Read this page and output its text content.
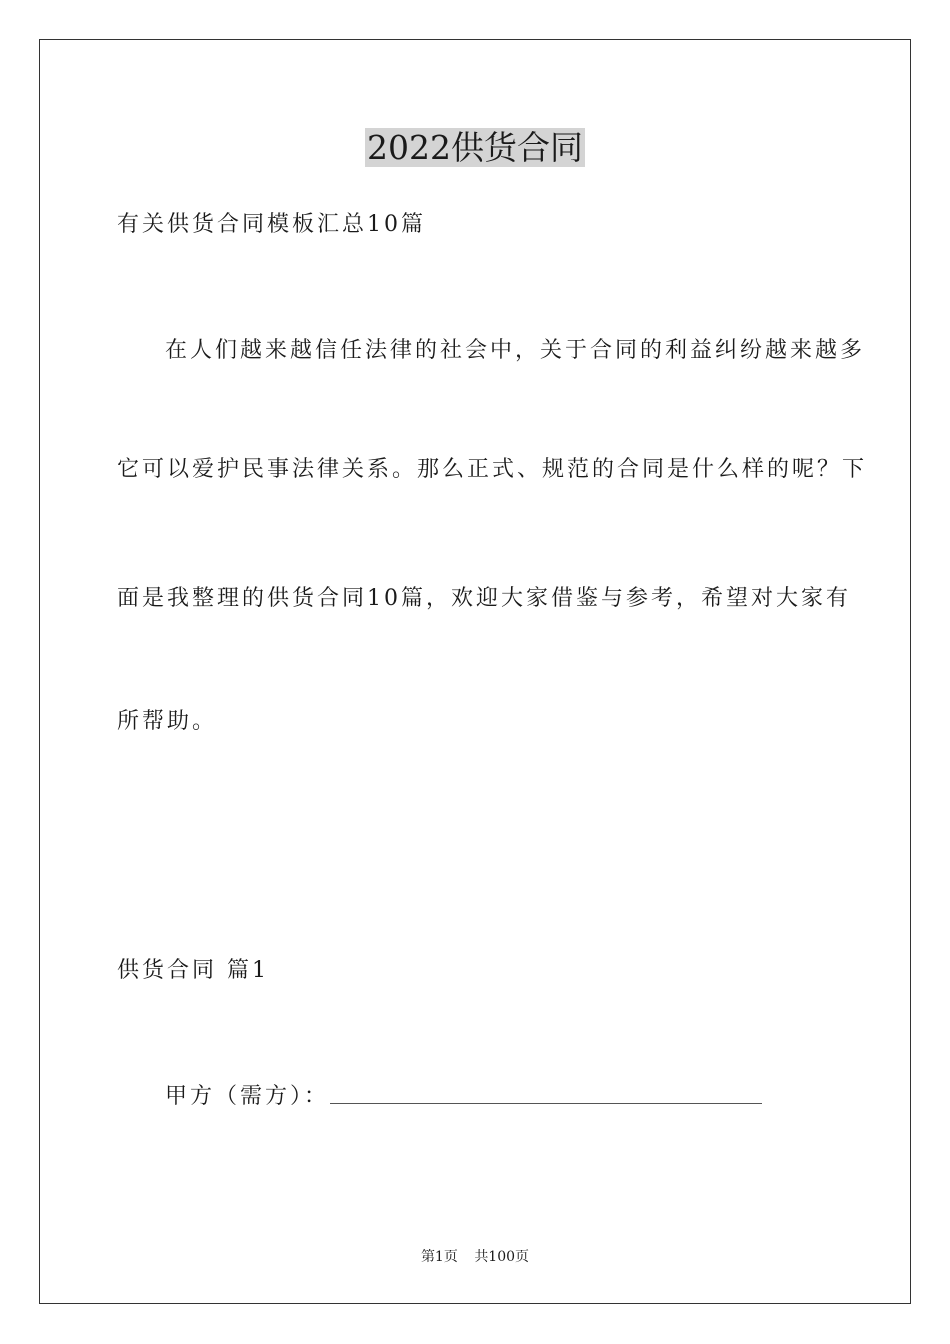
2022供货合同
有关供货合同模板汇总10篇
在人们越来越信任法律的社会中，关于合同的利益纠纷越来越多
它可以爱护民事法律关系。那么正式、规范的合同是什么样的呢？下
面是我整理的供货合同10篇，欢迎大家借鉴与参考，希望对大家有
所帮助。
供货合同 篇1
甲方（需方）：
第1页 共100页
